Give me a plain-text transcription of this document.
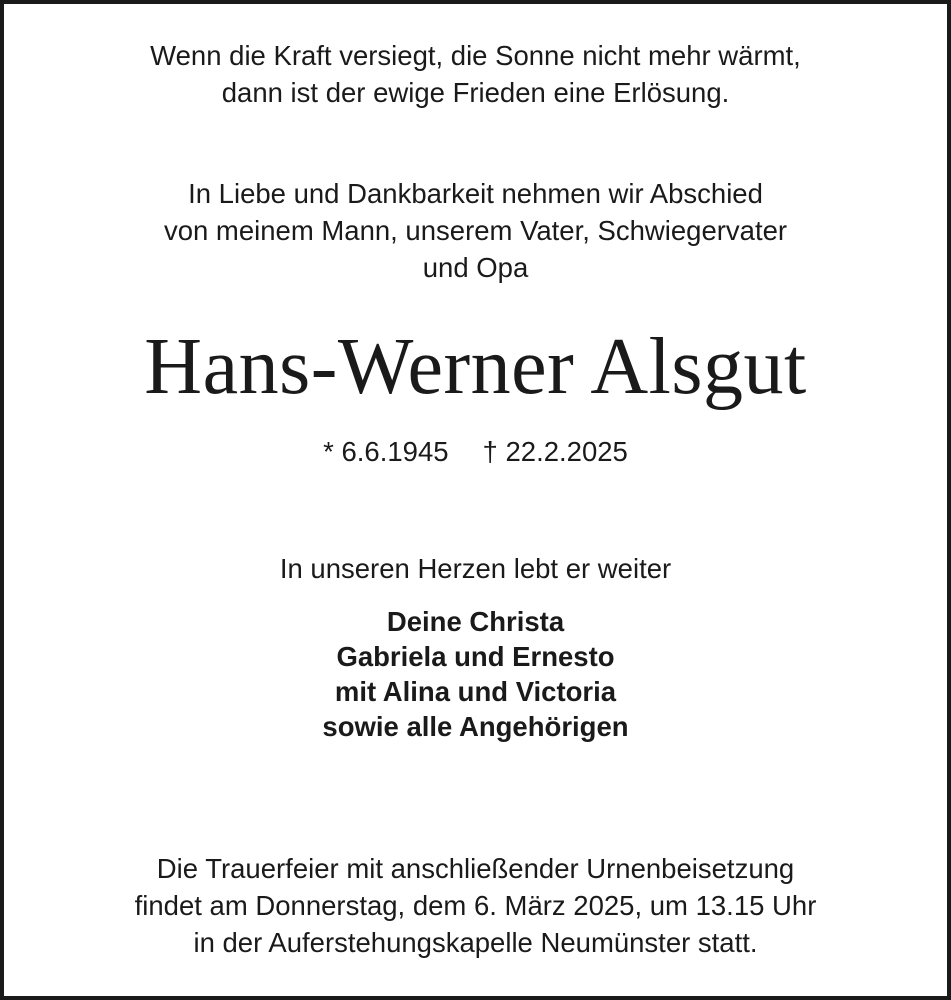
Wenn die Kraft versiegt, die Sonne nicht mehr wärmt,
dann ist der ewige Frieden eine Erlösung.
In Liebe und Dankbarkeit nehmen wir Abschied
von meinem Mann, unserem Vater, Schwiegervater
und Opa
Hans-Werner Alsgut
* 6.6.1945 † 22.2.2025
In unseren Herzen lebt er weiter
Deine Christa
Gabriela und Ernesto
mit Alina und Victoria
sowie alle Angehörigen
Die Trauerfeier mit anschließender Urnenbeisetzung
findet am Donnerstag, dem 6. März 2025, um 13.15 Uhr
in der Auferstehungskapelle Neumünster statt.
